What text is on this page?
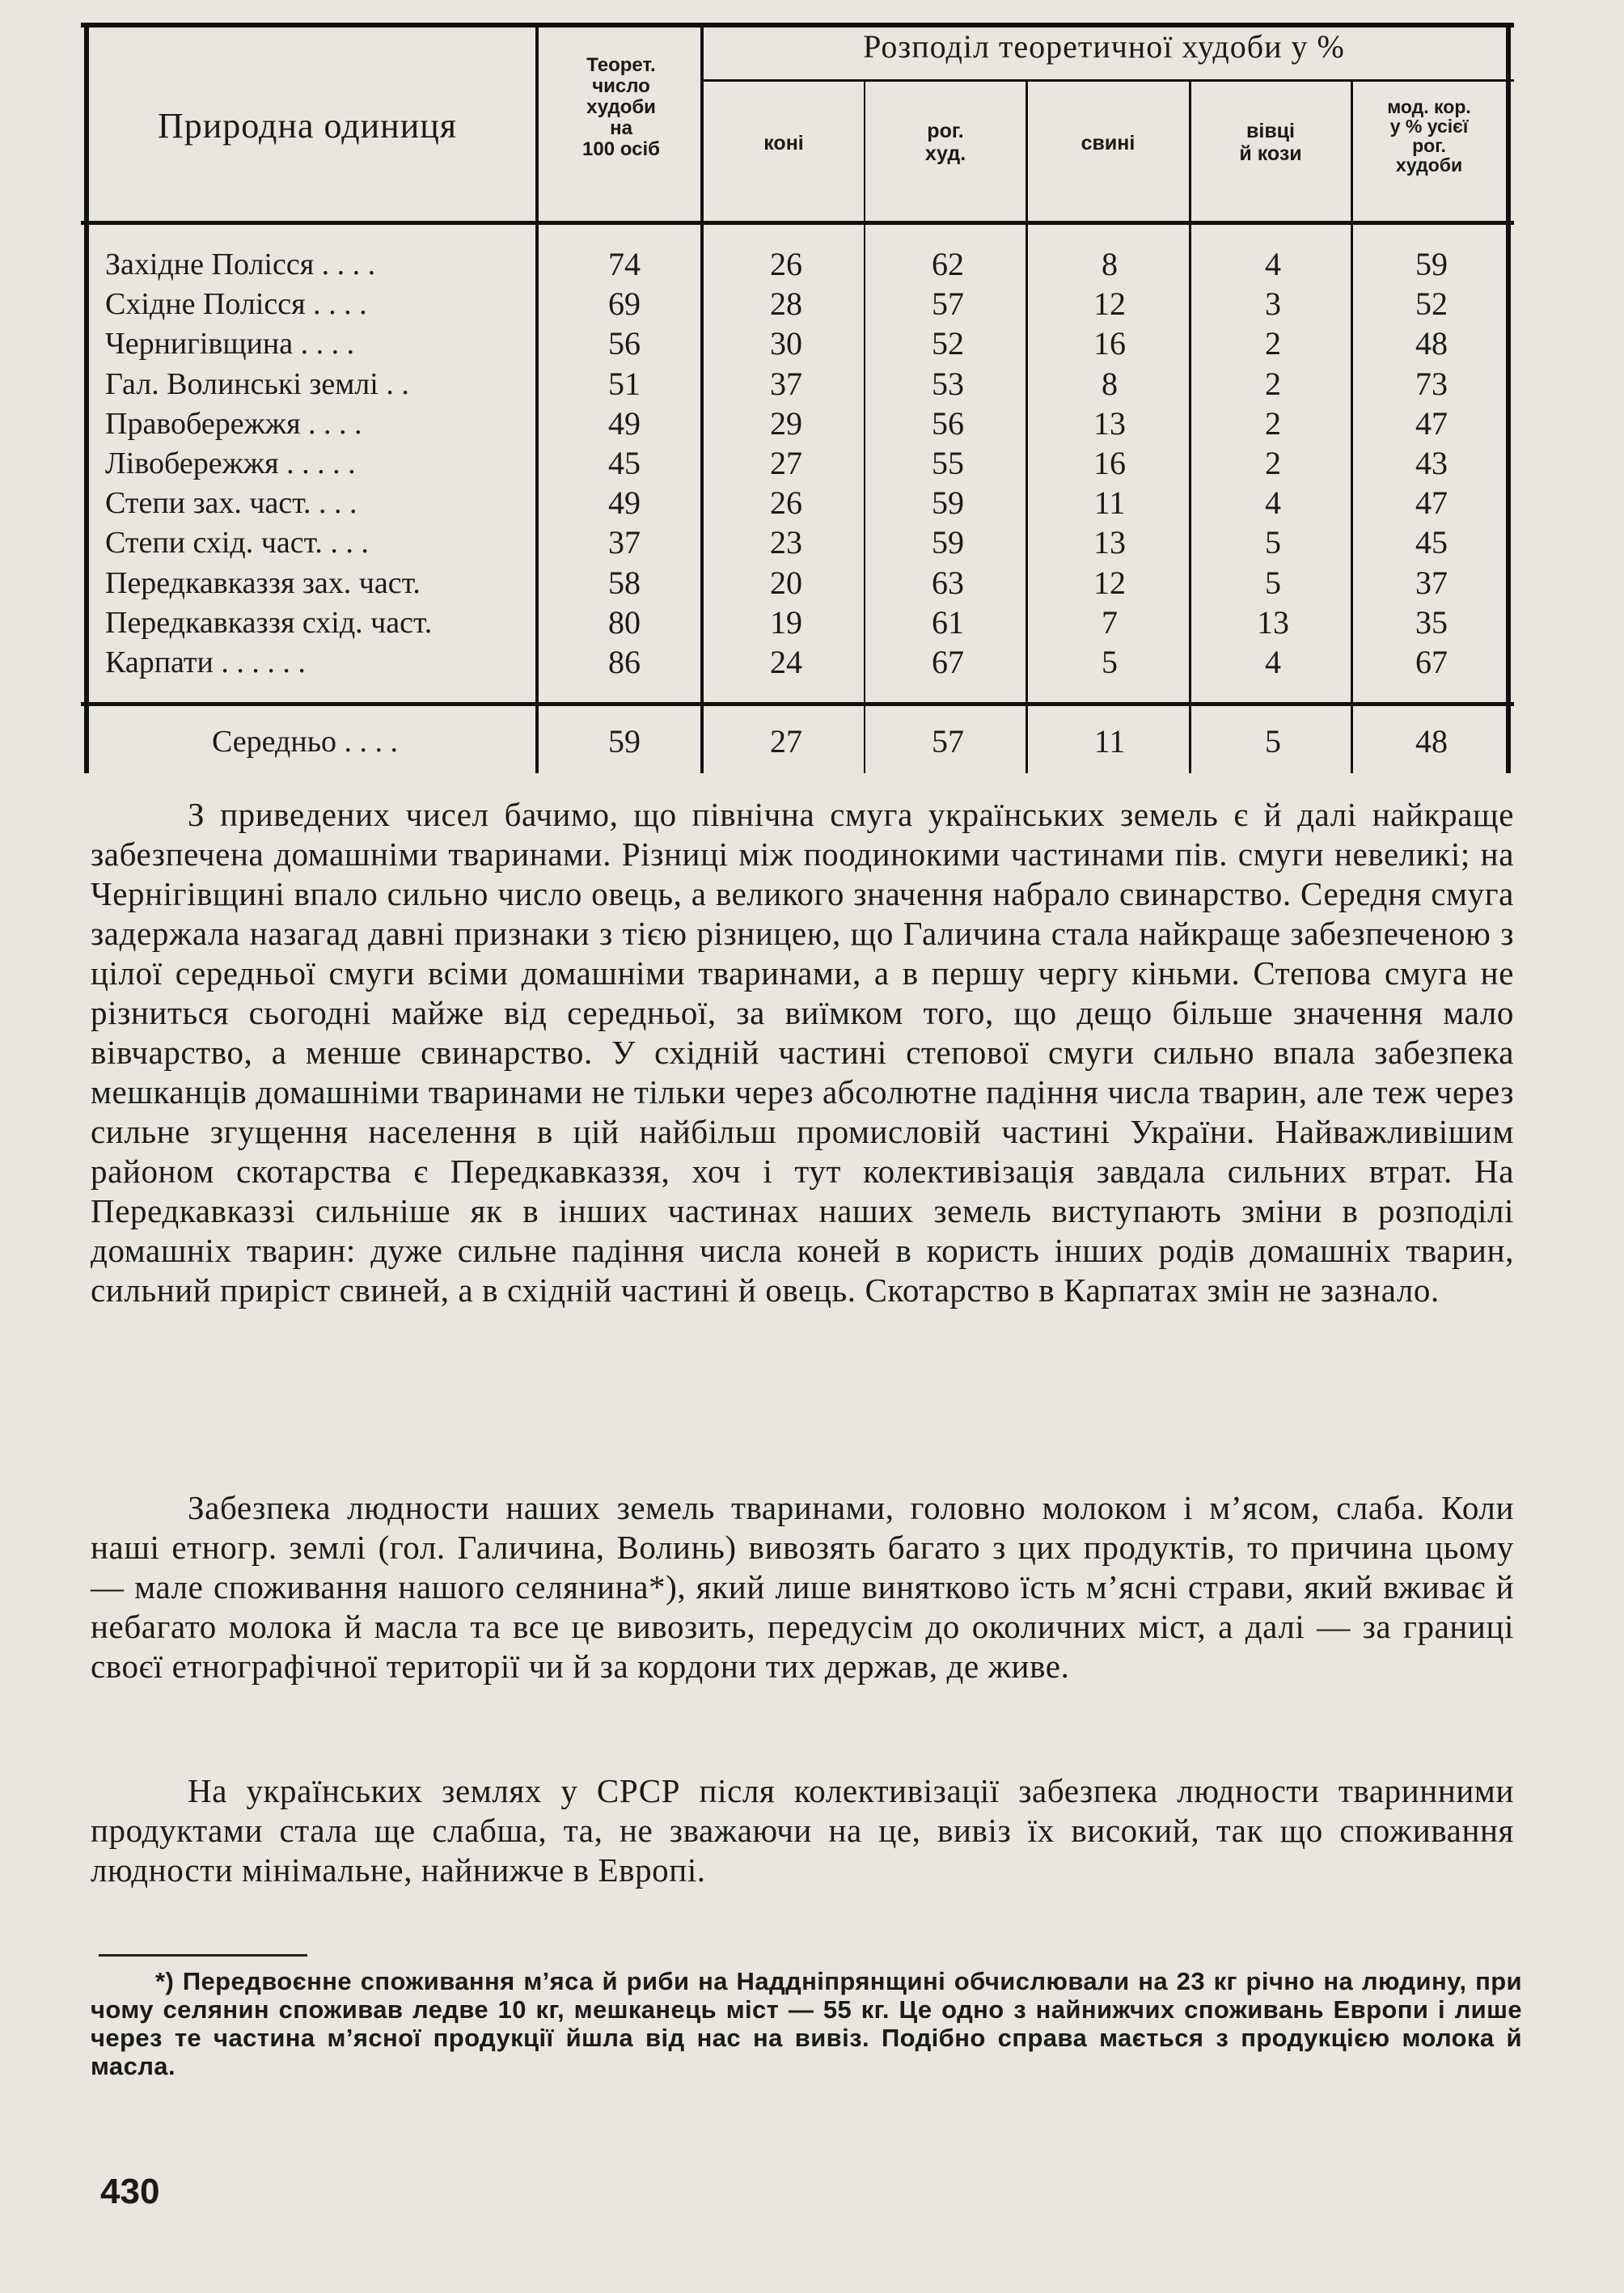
Природна одиниця
Теорет.
число
худоби
на
100 осіб
Розподіл теоретичної худоби у %
коні
рог.
худ.	свині
вівці
й кози
мод. кор.
у % усієї
рог.
худоби
Західне Полісся . . . .	74	26	62	8	4	59
Східне Полісся . . . .	69	28	57	12	3	52
Чернигівщина . . . .	56	30	52	16	2	48
Гал. Волинські землі . .	51	37	53	8	2	73
Правобережжя . . . .	49	29	56	13	2	47
Лівобережжя . . . . .	45	27	55	16	2	43
Степи зах. част. . . .	49	26	59	11	4	47
Степи схід. част. . . .	37	23	59	13	5	45
Передкавказзя зах. част.	58	20	63	12	5	37
Передкавказзя схід. част.	80	19	61	7	13	35
Карпати . . . . . .	86	24	67	5	4	67
Середньо . . . .	59	27	57	11	5	48

З приведених чисел бачимо, що північна смуга українських земель є й далі найкраще забезпечена домашніми тваринами. Різниці між поодинокими частинами пів. смуги невеликі; на Чернігівщині впало сильно число овець, а великого значення набрало свинарство. Середня смуга задержала назагад давні признаки з тією різницею, що Галичина стала найкраще забезпеченою з цілої середньої смуги всіми домашніми тваринами, а в першу чергу кіньми. Степова смуга не різниться сьогодні майже від середньої, за виїмком того, що дещо більше значення мало вівчарство, а менше свинарство. У східній частині степової смуги сильно впала забезпека мешканців домашніми тваринами не тільки через абсолютне падіння числа тварин, але теж через сильне згущення населення в цій найбільш промисловій частині України. Найважливішим районом скотарства є Передкавказзя, хоч і тут колективізація завдала сильних втрат. На Передкавказзі сильніше як в інших частинах наших земель виступають зміни в розподілі домашніх тварин: дуже сильне падіння числа коней в користь інших родів домашніх тварин, сильний приріст свиней, а в східній частині й овець. Скотарство в Карпатах змін не зазнало.

Забезпека людности наших земель тваринами, головно молоком і м’ясом, слаба. Коли наші етногр. землі (гол. Галичина, Волинь) вивозять багато з цих продуктів, то причина цьому — мале споживання нашого селянина*), який лише винятково їсть м’ясні страви, який вживає й небагато молока й масла та все це вивозить, передусім до околичних міст, а далі — за границі своєї етнографічної території чи й за кордони тих держав, де живе.

На українських землях у СРСР після колективізації забезпека людности тваринними продуктами стала ще слабша, та, не зважаючи на це, вивіз їх високий, так що споживання людности мінімальне, найнижче в Европі.

*) Передвоєнне споживання м’яса й риби на Наддніпрянщині обчислювали на 23 кг річно на людину, при чому селянин споживав ледве 10 кг, мешканець міст — 55 кг. Це одно з найнижчих споживань Европи і лише через те частина м’ясної продукції йшла від нас на вивіз. Подібно справа мається з продукцією молока й масла.

430
